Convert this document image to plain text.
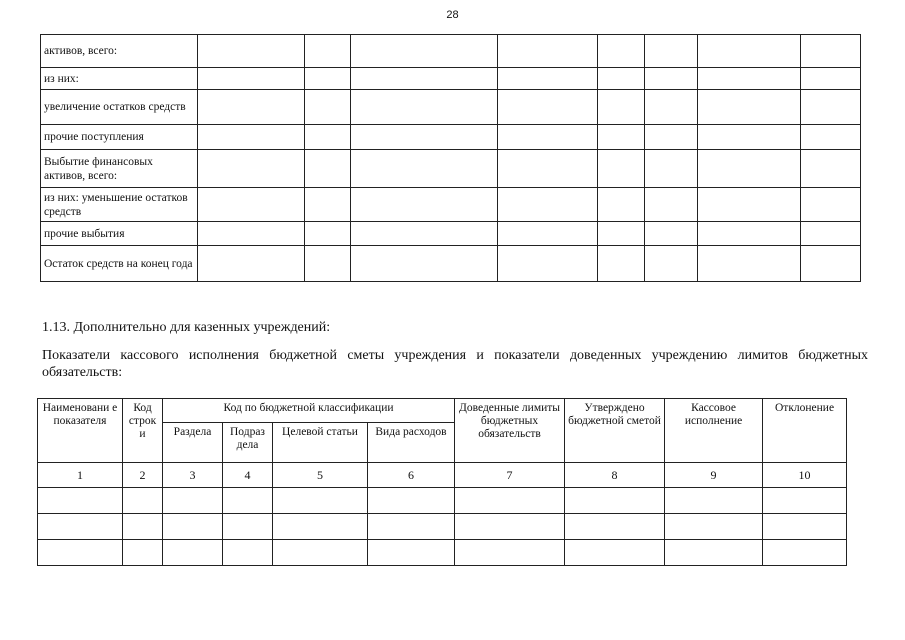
28
активов, всего:								
из них:								
увеличение остатков средств								
прочие поступления								
Выбытие финансовых активов, всего:								
из них: уменьшение остатков средств								
прочие выбытия								
Остаток средств на конец года								
1.13. Дополнительно для казенных учреждений:
Показатели кассового исполнения бюджетной сметы учреждения и показатели доведенных учреждению лимитов бюджетных обязательств:
Наименовани е показателя	Код строк и	Код по бюджетной классификации				Доведенные лимиты бюджетных обязательств	Утверждено бюджетной сметой	Кассовое исполнение	Отклонение
		Раздела	Подраз дела	Целевой статьи	Вида расходов				
1	2	3	4	5	6	7	8	9	10
